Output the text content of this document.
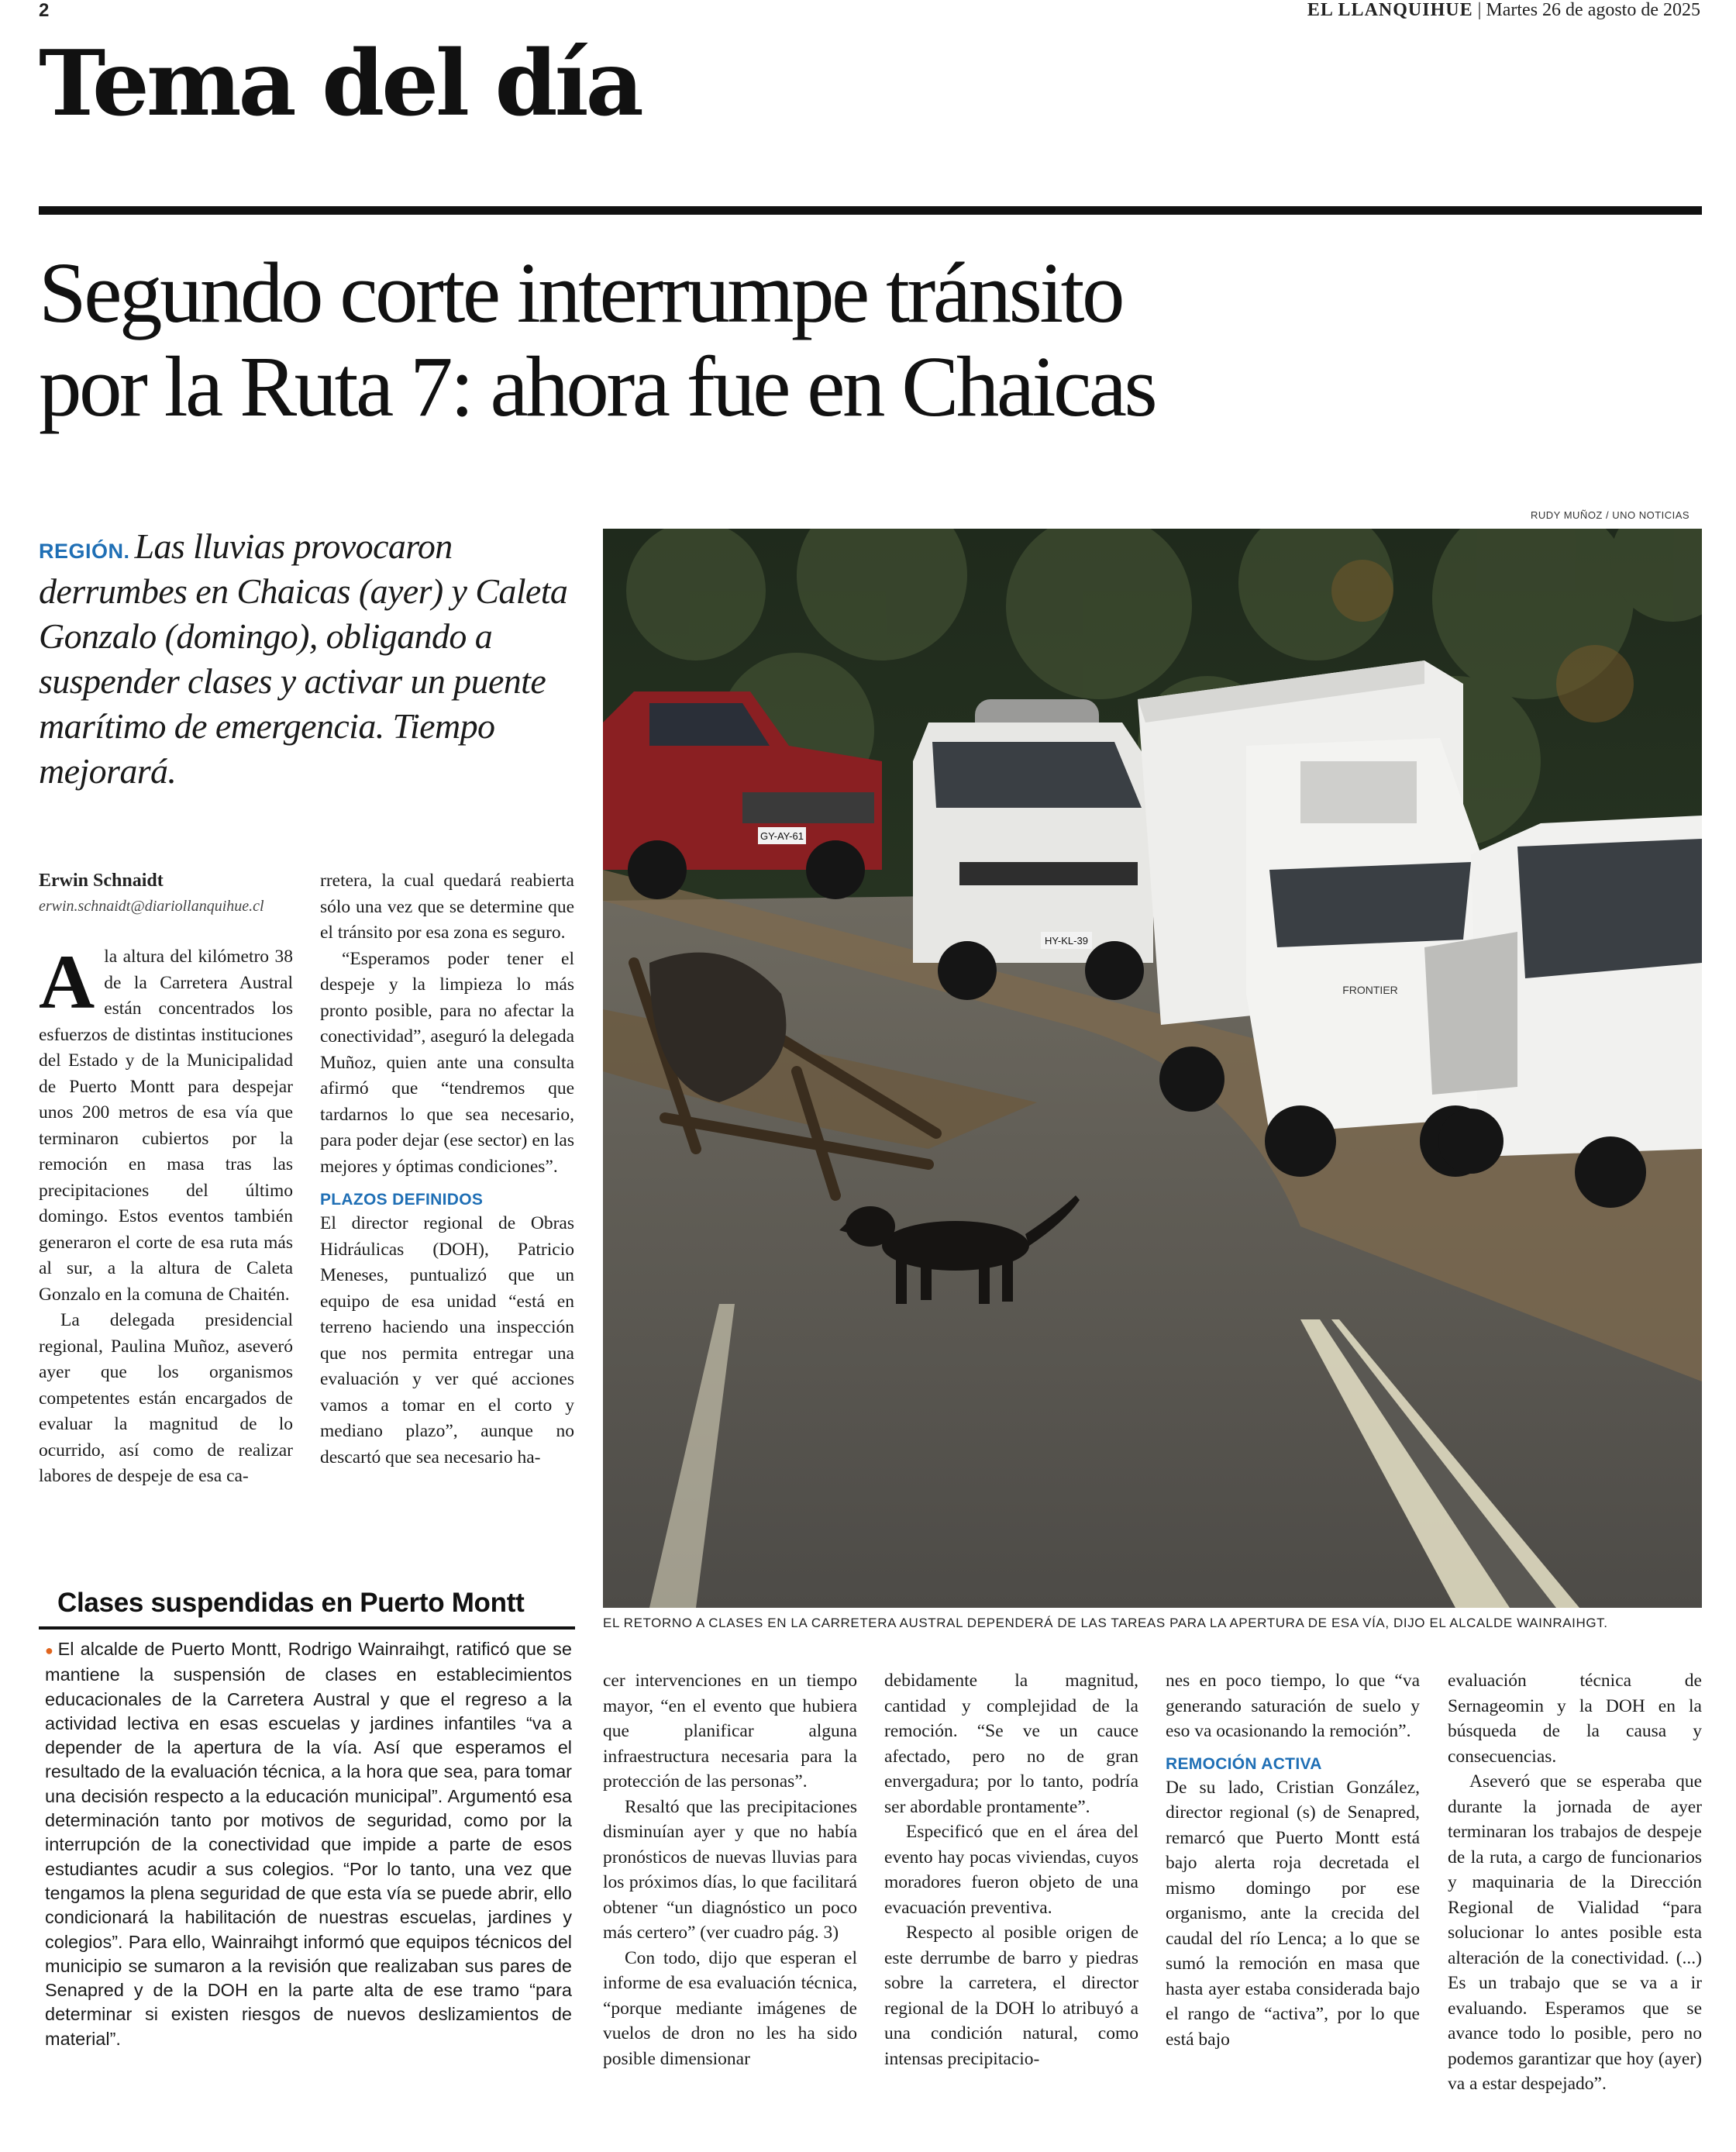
2	EL LLANQUIHUE | Martes 26 de agosto de 2025
Tema del día
Segundo corte interrumpe tránsito
por la Ruta 7: ahora fue en Chaicas
REGIÓN. Las lluvias provocaron derrumbes en Chaicas (ayer) y Caleta Gonzalo (domingo), obligando a suspender clases y activar un puente marítimo de emergencia. Tiempo mejorará.
RUDY MUÑOZ / UNO NOTICIAS
GY-AY-61
HY-KL-39
FRONTIER
EL RETORNO A CLASES EN LA CARRETERA AUSTRAL DEPENDERÁ DE LAS TAREAS PARA LA APERTURA DE ESA VÍA, DIJO EL ALCALDE WAINRAIHGT.
Erwin Schnaidt
erwin.schnaidt@diariollanquihue.cl

Ala altura del kilómetro 38 de la Carretera Austral están concentrados los esfuerzos de distintas instituciones del Estado y de la Municipalidad de Puerto Montt para despejar unos 200 metros de esa vía que terminaron cubiertos por la remoción en masa tras las precipitaciones del último domingo. Estos eventos también generaron el corte de esa ruta más al sur, a la altura de Caleta Gonzalo en la comuna de Chaitén.

La delegada presidencial regional, Paulina Muñoz, aseveró ayer que los organismos competentes están encargados de evaluar la magnitud de lo ocurrido, así como de realizar labores de despeje de esa ca-

rretera, la cual quedará reabierta sólo una vez que se determine que el tránsito por esa zona es seguro.

“Esperamos poder tener el despeje y la limpieza lo más pronto posible, para no afectar la conectividad”, aseguró la delegada Muñoz, quien ante una consulta afirmó que “tendremos que tardarnos lo que sea necesario, para poder dejar (ese sector) en las mejores y óptimas condiciones”.

PLAZOS DEFINIDOS

El director regional de Obras Hidráulicas (DOH), Patricio Meneses, puntualizó que un equipo de esa unidad “está en terreno haciendo una inspección que nos permita entregar una evaluación y ver qué acciones vamos a tomar en el corto y mediano plazo”, aunque no descartó que sea necesario ha-

Clases suspendidas en Puerto Montt
● El alcalde de Puerto Montt, Rodrigo Wainraihgt, ratificó que se mantiene la suspensión de clases en establecimientos educacionales de la Carretera Austral y que el regreso a la actividad lectiva en esas escuelas y jardines infantiles “va a depender de la apertura de la vía. Así que esperamos el resultado de la evaluación técnica, a la hora que sea, para tomar una decisión respecto a la educación municipal”. Argumentó esa determinación tanto por motivos de seguridad, como por la interrupción de la conectividad que impide a parte de esos estudiantes acudir a sus colegios. “Por lo tanto, una vez que tengamos la plena seguridad de que esta vía se puede abrir, ello condicionará la habilitación de nuestras escuelas, jardines y colegios”. Para ello, Wainraihgt informó que equipos técnicos del municipio se sumaron a la revisión que realizaban sus pares de Senapred y de la DOH en la parte alta de ese tramo “para determinar si existen riesgos de nuevos deslizamientos de material”.

cer intervenciones en un tiempo mayor, “en el evento que hubiera que planificar alguna infraestructura necesaria para la protección de las personas”.

Resaltó que las precipitaciones disminuían ayer y que no había pronósticos de nuevas lluvias para los próximos días, lo que facilitará obtener “un diagnóstico un poco más certero” (ver cuadro pág. 3)

Con todo, dijo que esperan el informe de esa evaluación técnica, “porque mediante imágenes de vuelos de dron no les ha sido posible dimensionar

debidamente la magnitud, cantidad y complejidad de la remoción. “Se ve un cauce afectado, pero no de gran envergadura; por lo tanto, podría ser abordable prontamente”.

Especificó que en el área del evento hay pocas viviendas, cuyos moradores fueron objeto de una evacuación preventiva.

Respecto al posible origen de este derrumbe de barro y piedras sobre la carretera, el director regional de la DOH lo atribuyó a una condición natural, como intensas precipitacio-

nes en poco tiempo, lo que “va generando saturación de suelo y eso va ocasionando la remoción”.

REMOCIÓN ACTIVA

De su lado, Cristian González, director regional (s) de Senapred, remarcó que Puerto Montt está bajo alerta roja decretada el mismo domingo por ese organismo, ante la crecida del caudal del río Lenca; a lo que se sumó la remoción en masa que hasta ayer estaba considerada bajo el rango de “activa”, por lo que está bajo

evaluación técnica de Sernageomin y la DOH en la búsqueda de la causa y consecuencias.

Aseveró que se esperaba que durante la jornada de ayer terminaran los trabajos de despeje de la ruta, a cargo de funcionarios y maquinaria de la Dirección Regional de Vialidad “para solucionar lo antes posible esta alteración de la conectividad. (...) Es un trabajo que se va a ir evaluando. Esperamos que se avance todo lo posible, pero no podemos garantizar que hoy (ayer) va a estar despejado”.
